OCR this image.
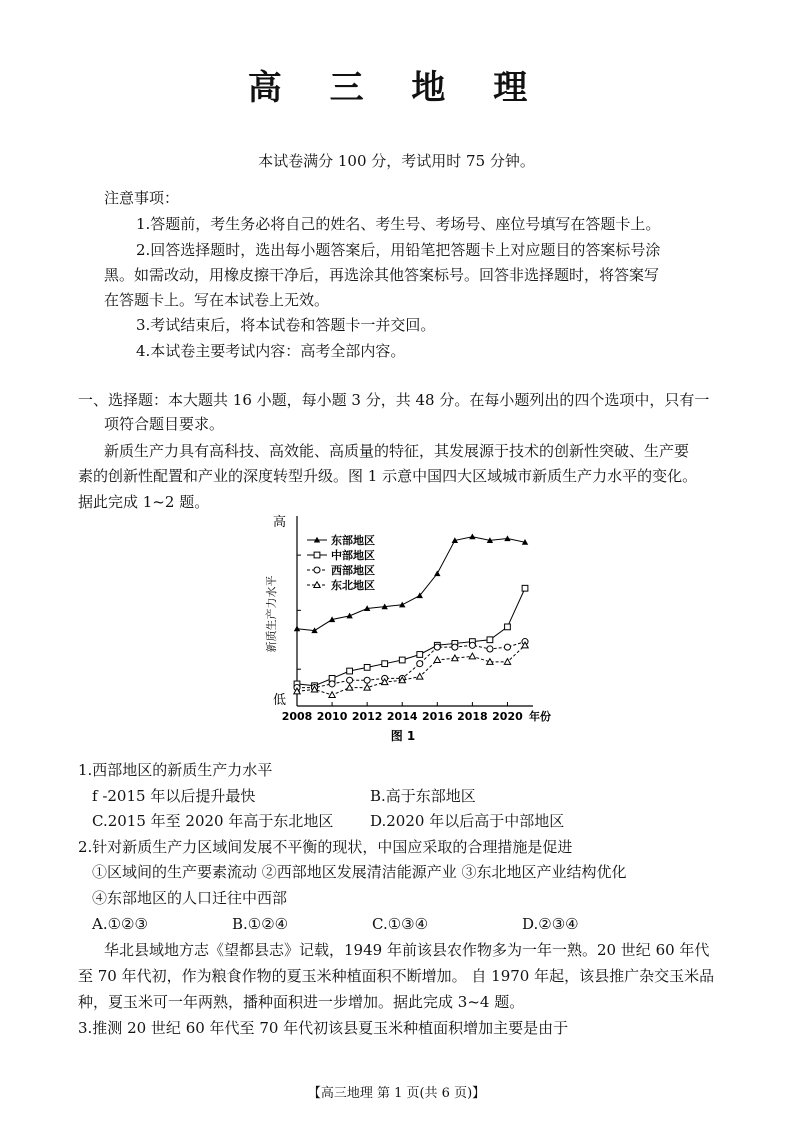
高 三 地 理
本试卷满分 100 分，考试用时 75 分钟。
注意事项：
1.答题前，考生务必将自己的姓名、考生号、考场号、座位号填写在答题卡上。
2.回答选择题时，选出每小题答案后，用铅笔把答题卡上对应题目的答案标号涂
黑。如需改动，用橡皮擦干净后，再选涂其他答案标号。回答非选择题时，将答案写
在答题卡上。写在本试卷上无效。
3.考试结束后，将本试卷和答题卡一并交回。
4.本试卷主要考试内容：高考全部内容。
一、选择题：本大题共 16 小题，每小题 3 分，共 48 分。在每小题列出的四个选项中，只有一
项符合题目要求。
新质生产力具有高科技、高效能、高质量的特征，其发展源于技术的创新性突破、生产要
素的创新性配置和产业的深度转型升级。图 1 示意中国四大区域城市新质生产力水平的变化。
据此完成 1~2 题。
高
低
新质生产力水平
2008 2010 2012 2014 2016 2018 2020 年份
图 1
东部地区
中部地区
西部地区
东北地区
1.西部地区的新质生产力水平
f -2015 年以后提升最快	B.高于东部地区
C.2015 年至 2020 年高于东北地区 D.2020 年以后高于中部地区
2.针对新质生产力区域间发展不平衡的现状，中国应采取的合理措施是促进
①区域间的生产要素流动 ②西部地区发展清洁能源产业 ③东北地区产业结构优化
④东部地区的人口迁往中西部
A.①②③	B.①②④	C.①③④	D.②③④
华北县域地方志《望都县志》记载，1949 年前该县农作物多为一年一熟。20 世纪 60 年代
至 70 年代初，作为粮食作物的夏玉米种植面积不断增加。 自 1970 年起，该县推广杂交玉米品
种，夏玉米可一年两熟，播种面积进一步增加。据此完成 3~4 题。
3.推测 20 世纪 60 年代至 70 年代初该县夏玉米种植面积增加主要是由于
【高三地理 第 1 页(共 6 页)】
